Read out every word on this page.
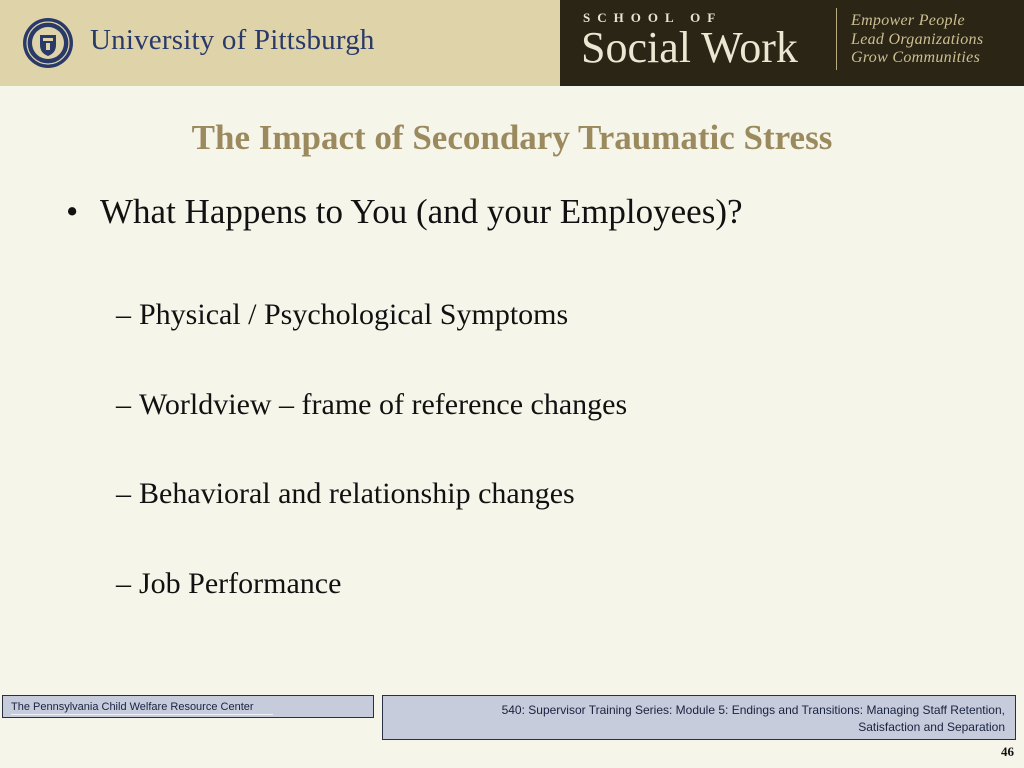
University of Pittsburgh
SCHOOL OF
Social Work
Empower People
Lead Organizations
Grow Communities
The Impact of Secondary Traumatic Stress
• What Happens to You (and your Employees)?
– Physical / Psychological Symptoms
– Worldview – frame of reference changes
– Behavioral and relationship changes
– Job Performance
The Pennsylvania Child Welfare Resource Center	540: Supervisor Training Series: Module 5: Endings and Transitions: Managing Staff Retention,
Satisfaction and Separation
46
